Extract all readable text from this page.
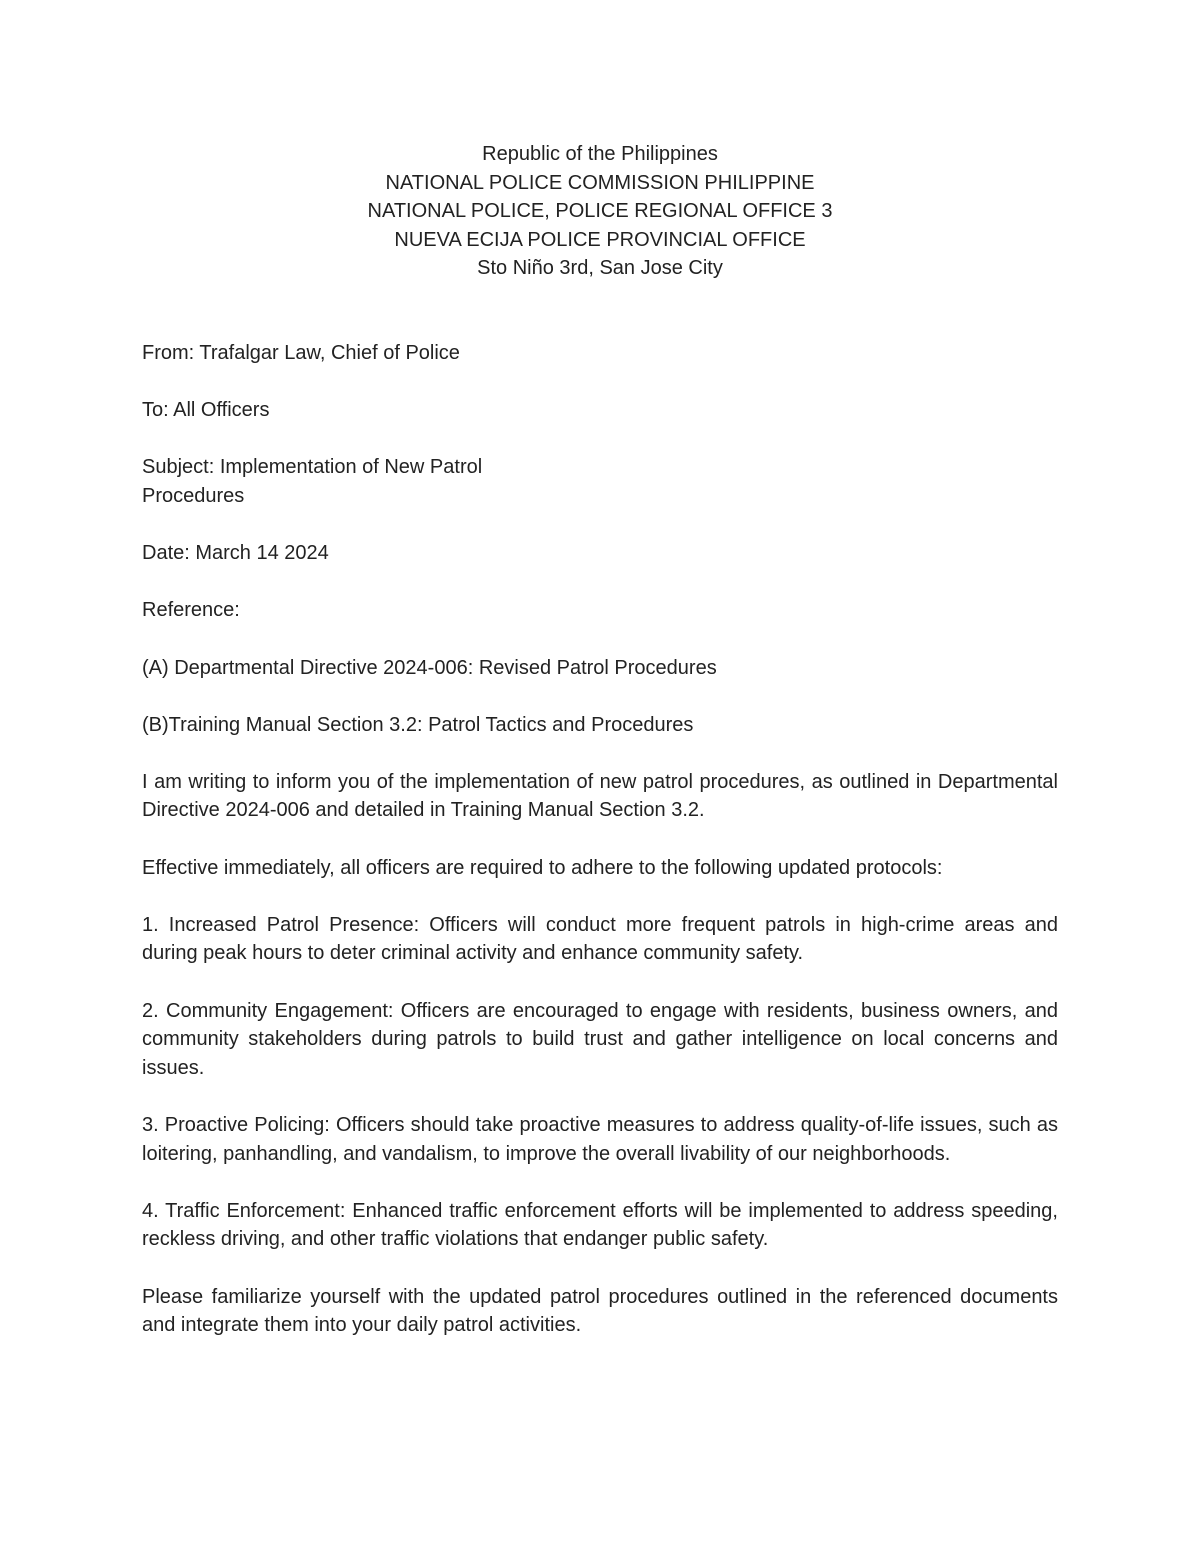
Republic of the Philippines
NATIONAL POLICE COMMISSION PHILIPPINE
NATIONAL POLICE, POLICE REGIONAL OFFICE 3
NUEVA ECIJA POLICE PROVINCIAL OFFICE
Sto Niño 3rd, San Jose City

From: Trafalgar Law, Chief of Police

To: All Officers

Subject: Implementation of New Patrol Procedures

Date: March 14 2024

Reference:

(A) Departmental Directive 2024-006: Revised Patrol Procedures

(B)Training Manual Section 3.2: Patrol Tactics and Procedures

I am writing to inform you of the implementation of new patrol procedures, as outlined in Departmental Directive 2024-006 and detailed in Training Manual Section 3.2.

Effective immediately, all officers are required to adhere to the following updated protocols:

1. Increased Patrol Presence: Officers will conduct more frequent patrols in high-crime areas and during peak hours to deter criminal activity and enhance community safety.

2. Community Engagement: Officers are encouraged to engage with residents, business owners, and community stakeholders during patrols to build trust and gather intelligence on local concerns and issues.

3. Proactive Policing: Officers should take proactive measures to address quality-of-life issues, such as loitering, panhandling, and vandalism, to improve the overall livability of our neighborhoods.

4. Traffic Enforcement: Enhanced traffic enforcement efforts will be implemented to address speeding, reckless driving, and other traffic violations that endanger public safety.

Please familiarize yourself with the updated patrol procedures outlined in the referenced documents and integrate them into your daily patrol activities.
